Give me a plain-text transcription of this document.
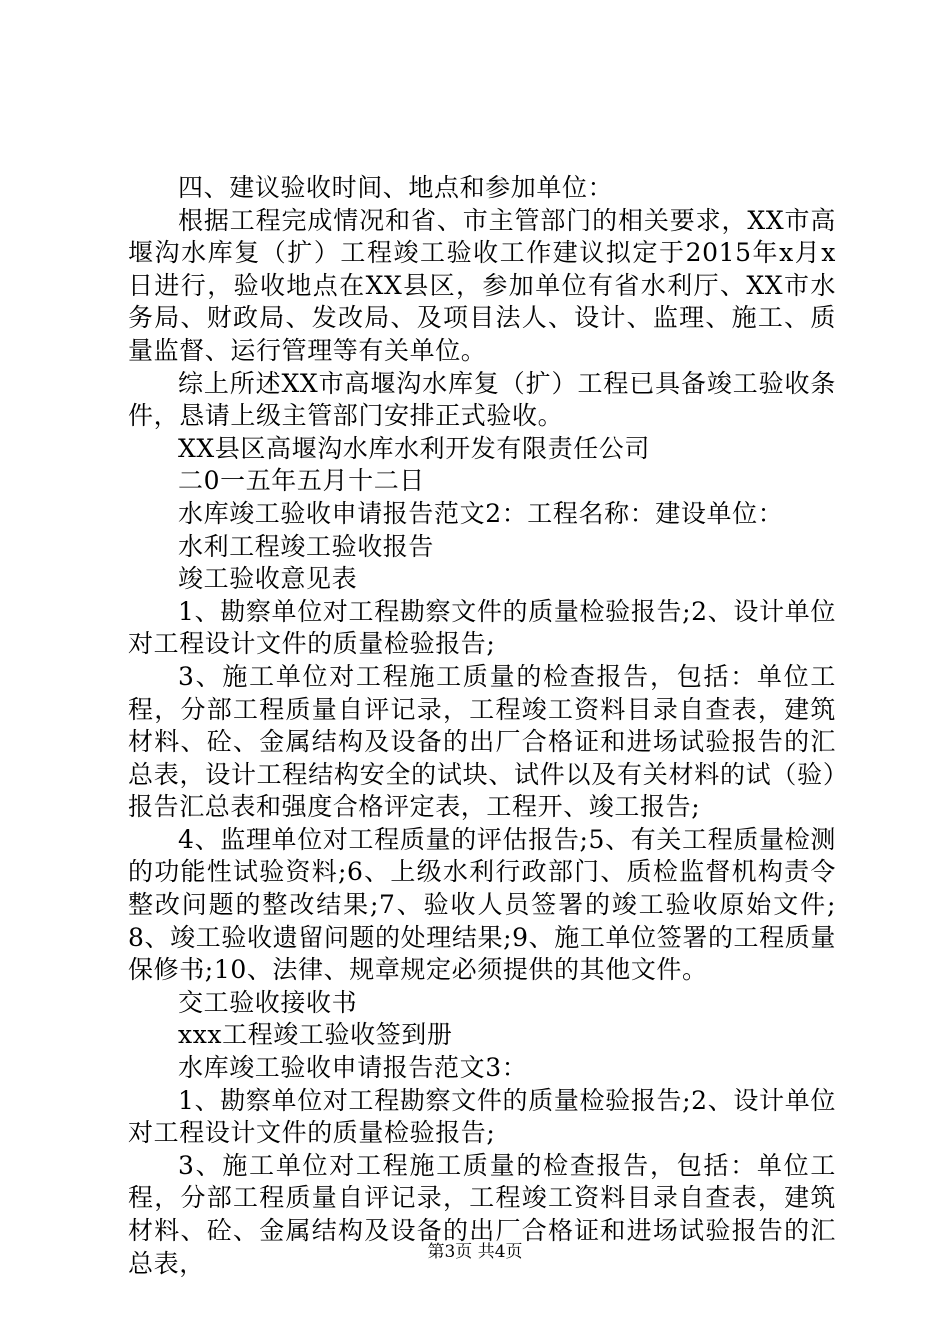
四、建议验收时间、地点和参加单位：

根据工程完成情况和省、市主管部门的相关要求，XX市高堰沟水库复（扩）工程竣工验收工作建议拟定于2015年x月x日进行，验收地点在XX县区，参加单位有省水利厅、XX市水务局、财政局、发改局、及项目法人、设计、监理、施工、质量监督、运行管理等有关单位。

综上所述XX市高堰沟水库复（扩）工程已具备竣工验收条件，恳请上级主管部门安排正式验收。

XX县区高堰沟水库水利开发有限责任公司

二0一五年五月十二日

水库竣工验收申请报告范文2：工程名称：建设单位：

水利工程竣工验收报告

竣工验收意见表

1、勘察单位对工程勘察文件的质量检验报告;2、设计单位对工程设计文件的质量检验报告;

3、施工单位对工程施工质量的检查报告，包括：单位工程，分部工程质量自评记录，工程竣工资料目录自查表，建筑材料、砼、金属结构及设备的出厂合格证和进场试验报告的汇总表，设计工程结构安全的试块、试件以及有关材料的试（验）报告汇总表和强度合格评定表，工程开、竣工报告;

4、监理单位对工程质量的评估报告;5、有关工程质量检测的功能性试验资料;6、上级水利行政部门、质检监督机构责令整改问题的整改结果;7、验收人员签署的竣工验收原始文件;8、竣工验收遗留问题的处理结果;9、施工单位签署的工程质量保修书;10、法律、规章规定必须提供的其他文件。

交工验收接收书

xxx工程竣工验收签到册

水库竣工验收申请报告范文3：

1、勘察单位对工程勘察文件的质量检验报告;2、设计单位对工程设计文件的质量检验报告;

3、施工单位对工程施工质量的检查报告，包括：单位工程，分部工程质量自评记录，工程竣工资料目录自查表，建筑材料、砼、金属结构及设备的出厂合格证和进场试验报告的汇总表，	第3页 共4页
